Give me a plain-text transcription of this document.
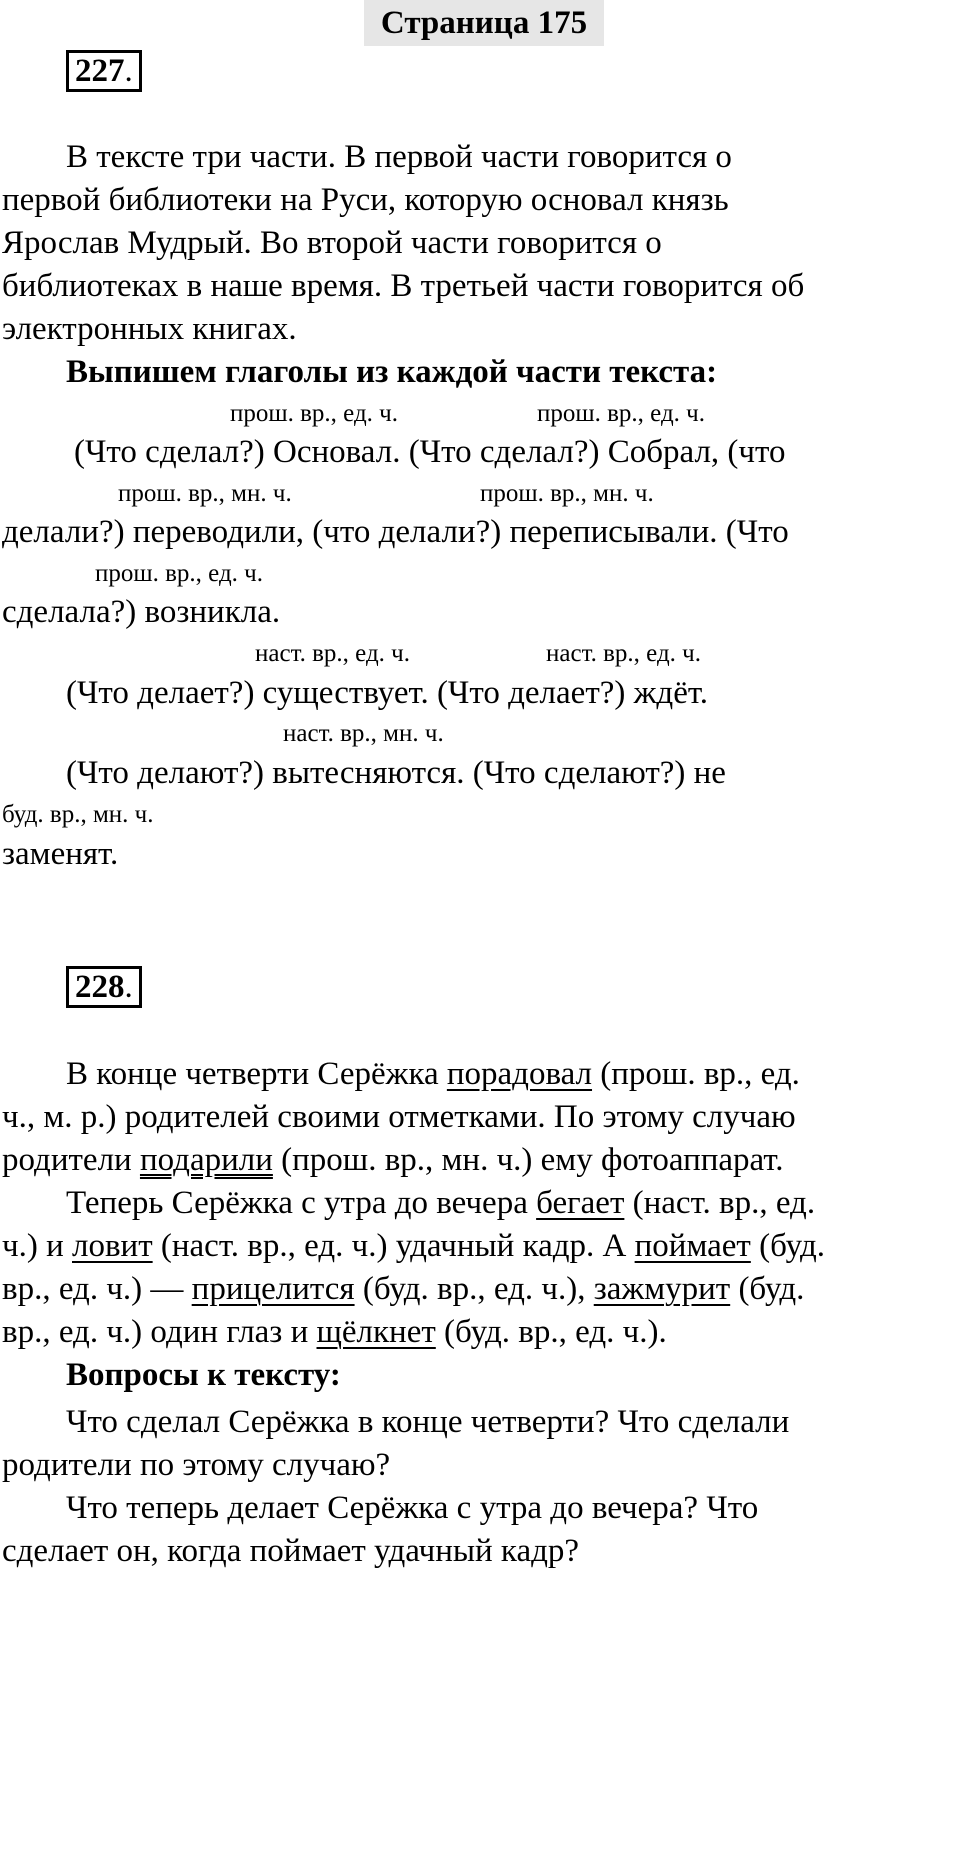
Страница 175
227.
В тексте три части. В первой части говорится о
первой библиотеки на Руси, которую основал князь
Ярослав Мудрый. Во второй части говорится о
библиотеках в наше время. В третьей части говорится об
электронных книгах.
Выпишем глаголы из каждой части текста:
прош. вр., ед. ч.	прош. вр., ед. ч.
(Что сделал?) Основал. (Что сделал?) Собрал, (что
прош. вр., мн. ч.	прош. вр., мн. ч.
делали?) переводили, (что делали?) переписывали. (Что
прош. вр., ед. ч.
сделала?) возникла.
наст. вр., ед. ч.	наст. вр., ед. ч.
(Что делает?) существует. (Что делает?) ждёт.
наст. вр., мн. ч.
(Что делают?) вытесняются. (Что сделают?) не
буд. вр., мн. ч.
заменят.
228.
В конце четверти Серёжка порадовал (прош. вр., ед.
ч., м. р.) родителей своими отметками. По этому случаю
родители подарили (прош. вр., мн. ч.) ему фотоаппарат.
Теперь Серёжка с утра до вечера бегает (наст. вр., ед.
ч.) и ловит (наст. вр., ед. ч.) удачный кадр. А поймает (буд.
вр., ед. ч.) — прицелится (буд. вр., ед. ч.), зажмурит (буд.
вр., ед. ч.) один глаз и щёлкнет (буд. вр., ед. ч.).
Вопросы к тексту:
Что сделал Серёжка в конце четверти? Что сделали
родители по этому случаю?
Что теперь делает Серёжка с утра до вечера? Что
сделает он, когда поймает удачный кадр?
